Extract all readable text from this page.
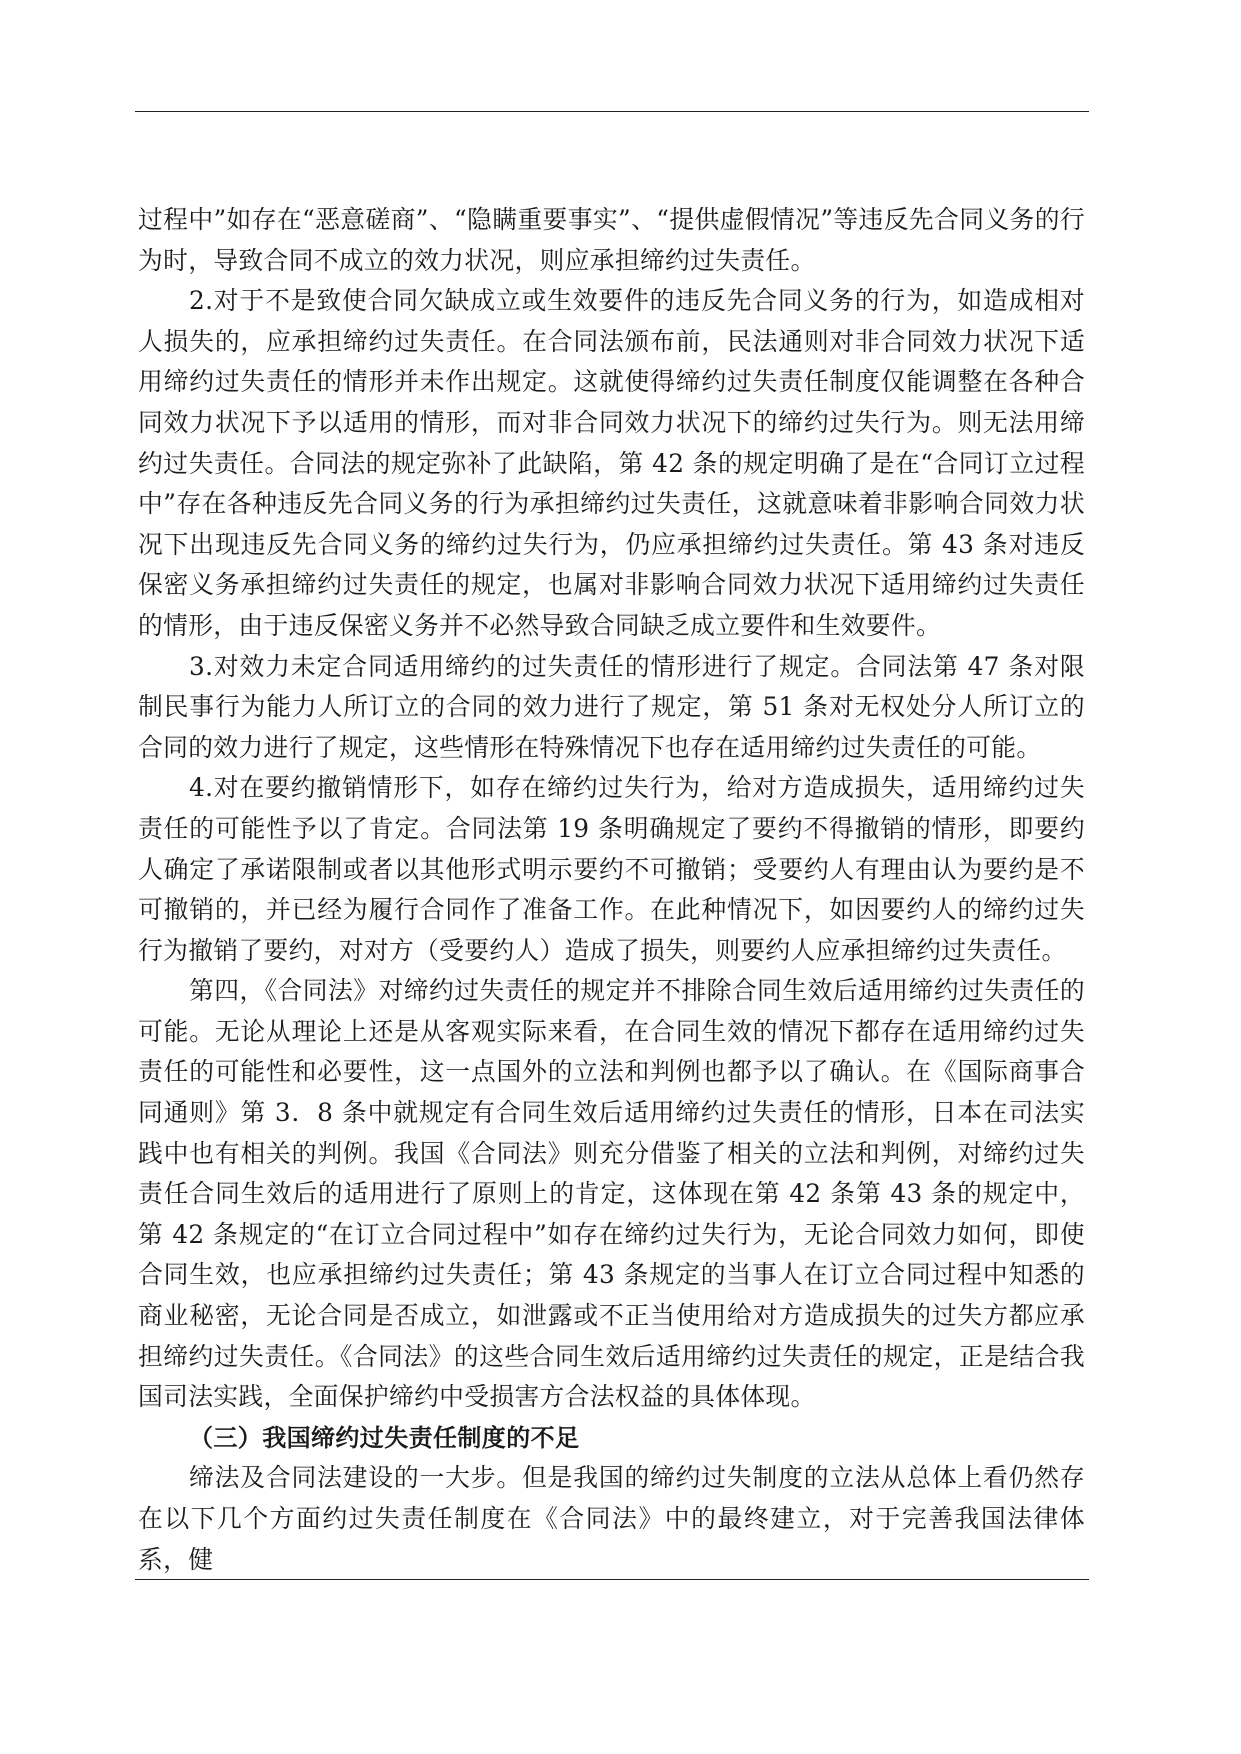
过程中”如存在“恶意磋商”、“隐瞒重要事实”、“提供虚假情况”等违反先合同义务的行为时，导致合同不成立的效力状况，则应承担缔约过失责任。

2.对于不是致使合同欠缺成立或生效要件的违反先合同义务的行为，如造成相对人损失的，应承担缔约过失责任。在合同法颁布前，民法通则对非合同效力状况下适用缔约过失责任的情形并未作出规定。这就使得缔约过失责任制度仅能调整在各种合同效力状况下予以适用的情形，而对非合同效力状况下的缔约过失行为。则无法用缔约过失责任。合同法的规定弥补了此缺陷，第 42 条的规定明确了是在“合同订立过程中”存在各种违反先合同义务的行为承担缔约过失责任，这就意味着非影响合同效力状况下出现违反先合同义务的缔约过失行为，仍应承担缔约过失责任。第 43 条对违反保密义务承担缔约过失责任的规定，也属对非影响合同效力状况下适用缔约过失责任的情形，由于违反保密义务并不必然导致合同缺乏成立要件和生效要件。

3.对效力未定合同适用缔约的过失责任的情形进行了规定。合同法第 47 条对限制民事行为能力人所订立的合同的效力进行了规定，第 51 条对无权处分人所订立的合同的效力进行了规定，这些情形在特殊情况下也存在适用缔约过失责任的可能。

4.对在要约撤销情形下，如存在缔约过失行为，给对方造成损失，适用缔约过失责任的可能性予以了肯定。合同法第 19 条明确规定了要约不得撤销的情形，即要约人确定了承诺限制或者以其他形式明示要约不可撤销；受要约人有理由认为要约是不可撤销的，并已经为履行合同作了准备工作。在此种情况下，如因要约人的缔约过失行为撤销了要约，对对方（受要约人）造成了损失，则要约人应承担缔约过失责任。

第四，《合同法》对缔约过失责任的规定并不排除合同生效后适用缔约过失责任的可能。无论从理论上还是从客观实际来看，在合同生效的情况下都存在适用缔约过失责任的可能性和必要性，这一点国外的立法和判例也都予以了确认。在《国际商事合同通则》第 3．8 条中就规定有合同生效后适用缔约过失责任的情形，日本在司法实践中也有相关的判例。我国《合同法》则充分借鉴了相关的立法和判例，对缔约过失责任合同生效后的适用进行了原则上的肯定，这体现在第 42 条第 43 条的规定中，第 42 条规定的“在订立合同过程中”如存在缔约过失行为，无论合同效力如何，即使合同生效，也应承担缔约过失责任；第 43 条规定的当事人在订立合同过程中知悉的商业秘密，无论合同是否成立，如泄露或不正当使用给对方造成损失的过失方都应承担缔约过失责任。《合同法》的这些合同生效后适用缔约过失责任的规定，正是结合我国司法实践，全面保护缔约中受损害方合法权益的具体体现。

（三）我国缔约过失责任制度的不足

缔法及合同法建设的一大步。但是我国的缔约过失制度的立法从总体上看仍然存在以下几个方面约过失责任制度在《合同法》中的最终建立，对于完善我国法律体系，健
